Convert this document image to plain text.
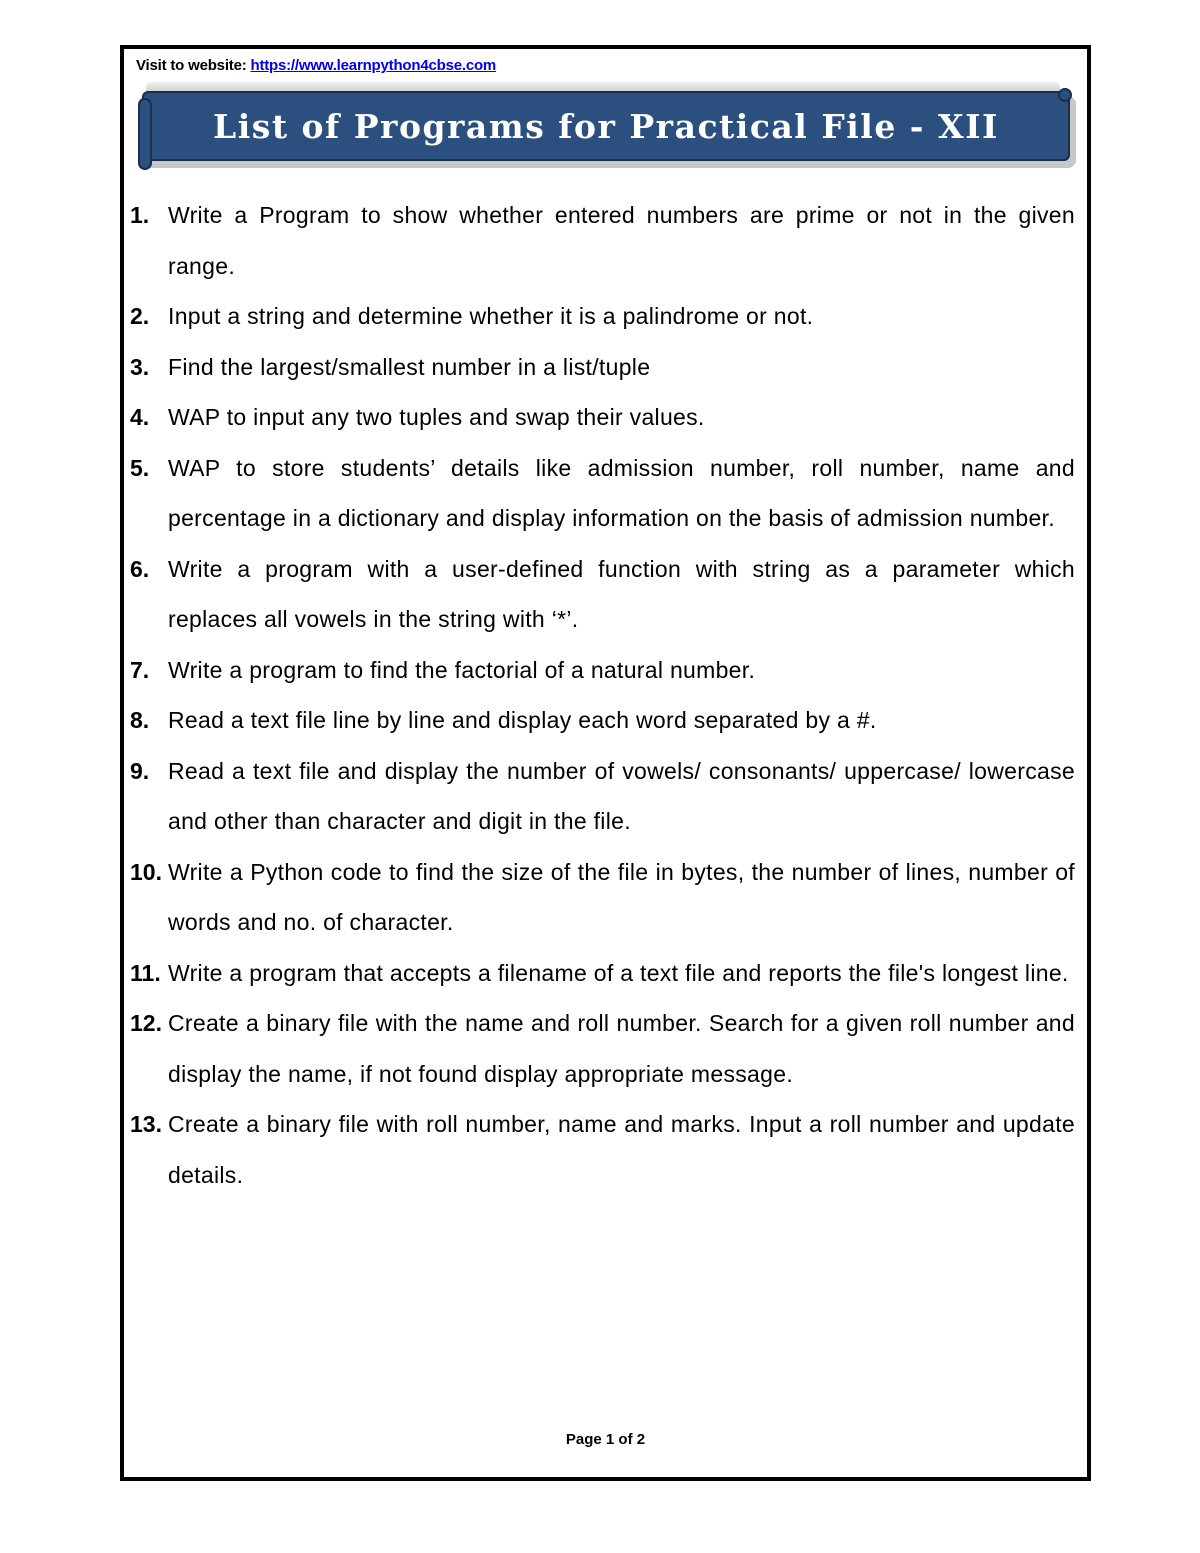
Visit to website: https://www.learnpython4cbse.com
List of Programs for Practical File - XII
1. Write a Program to show whether entered numbers are prime or not in the given range.
2. Input a string and determine whether it is a palindrome or not.
3. Find the largest/smallest number in a list/tuple
4. WAP to input any two tuples and swap their values.
5. WAP to store students’ details like admission number, roll number, name and percentage in a dictionary and display information on the basis of admission number.
6. Write a program with a user-defined function with string as a parameter which replaces all vowels in the string with ‘*’.
7. Write a program to find the factorial of a natural number.
8. Read a text file line by line and display each word separated by a #.
9. Read a text file and display the number of vowels/ consonants/ uppercase/ lowercase and other than character and digit in the file.
10. Write a Python code to find the size of the file in bytes, the number of lines, number of words and no. of character.
11. Write a program that accepts a filename of a text file and reports the file's longest line.
12. Create a binary file with the name and roll number. Search for a given roll number and display the name, if not found display appropriate message.
13. Create a binary file with roll number, name and marks. Input a roll number and update details.
Page 1 of 2
